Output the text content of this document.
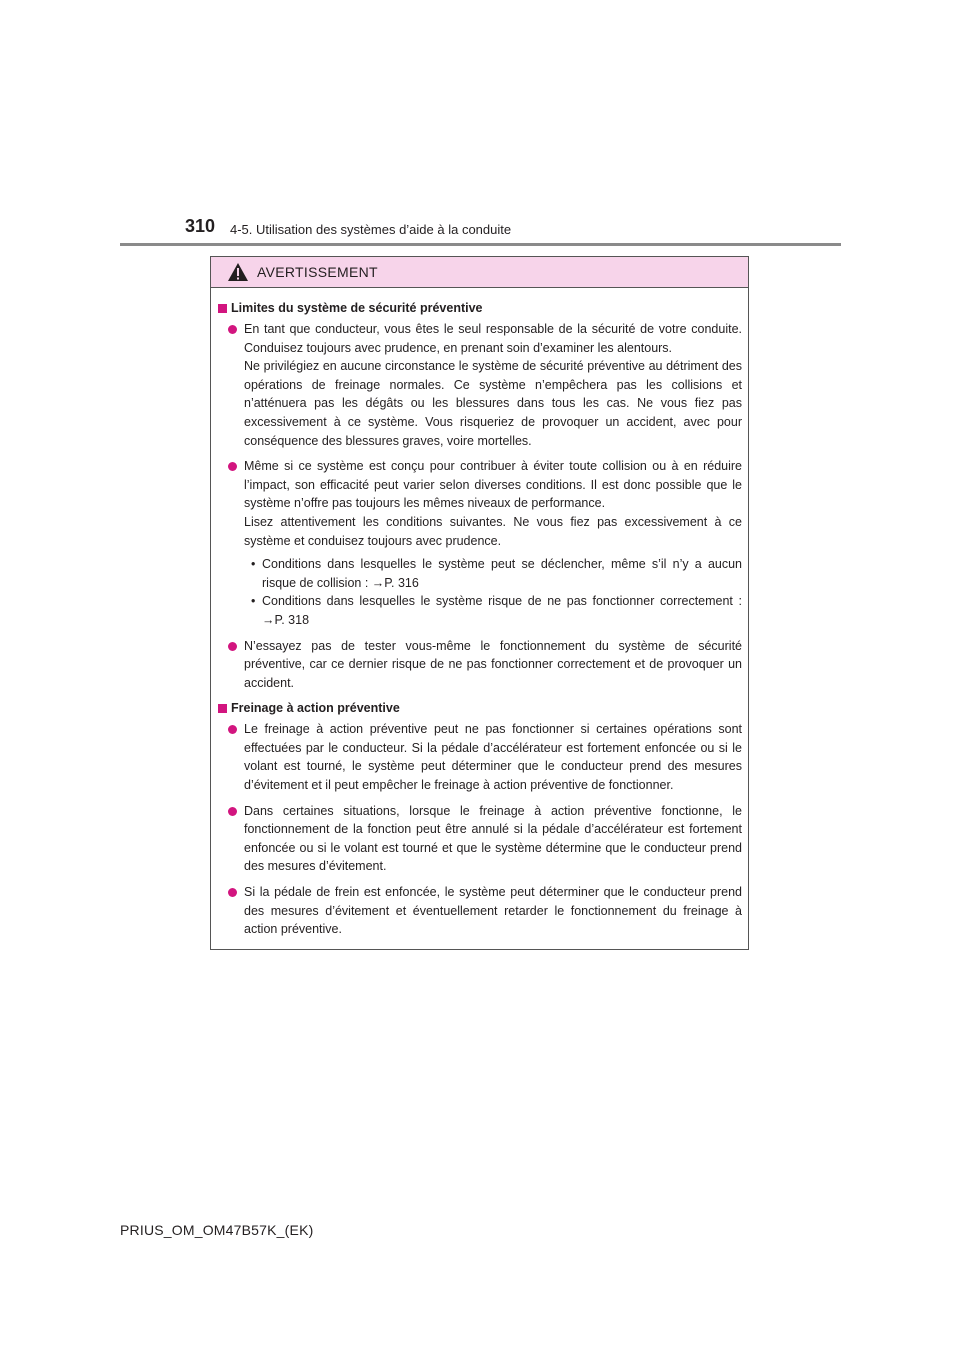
310 4-5. Utilisation des systèmes d’aide à la conduite
AVERTISSEMENT
Limites du système de sécurité préventive

En tant que conducteur, vous êtes le seul responsable de la sécurité de votre conduite. Conduisez toujours avec prudence, en prenant soin d’examiner les alentours.

Ne privilégiez en aucune circonstance le système de sécurité préventive au détriment des opérations de freinage normales. Ce système n’empêchera pas les collisions et n’atténuera pas les dégâts ou les blessures dans tous les cas. Ne vous fiez pas excessivement à ce système. Vous risqueriez de provoquer un accident, avec pour conséquence des blessures graves, voire mortelles.

Même si ce système est conçu pour contribuer à éviter toute collision ou à en réduire l’impact, son efficacité peut varier selon diverses conditions. Il est donc possible que le système n’offre pas toujours les mêmes niveaux de performance.

Lisez attentivement les conditions suivantes. Ne vous fiez pas excessivement à ce système et conduisez toujours avec prudence.

• Conditions dans lesquelles le système peut se déclencher, même s’il n’y a aucun risque de collision : →P. 316
• Conditions dans lesquelles le système risque de ne pas fonctionner correctement : →P. 318

N’essayez pas de tester vous-même le fonctionnement du système de sécurité préventive, car ce dernier risque de ne pas fonctionner correctement et de provoquer un accident.

Freinage à action préventive

Le freinage à action préventive peut ne pas fonctionner si certaines opérations sont effectuées par le conducteur. Si la pédale d’accélérateur est fortement enfoncée ou si le volant est tourné, le système peut déterminer que le conducteur prend des mesures d’évitement et il peut empêcher le freinage à action préventive de fonctionner.

Dans certaines situations, lorsque le freinage à action préventive fonctionne, le fonctionnement de la fonction peut être annulé si la pédale d’accélérateur est fortement enfoncée ou si le volant est tourné et que le système détermine que le conducteur prend des mesures d’évitement.

Si la pédale de frein est enfoncée, le système peut déterminer que le conducteur prend des mesures d’évitement et éventuellement retarder le fonctionnement du freinage à action préventive.

PRIUS_OM_OM47B57K_(EK)
